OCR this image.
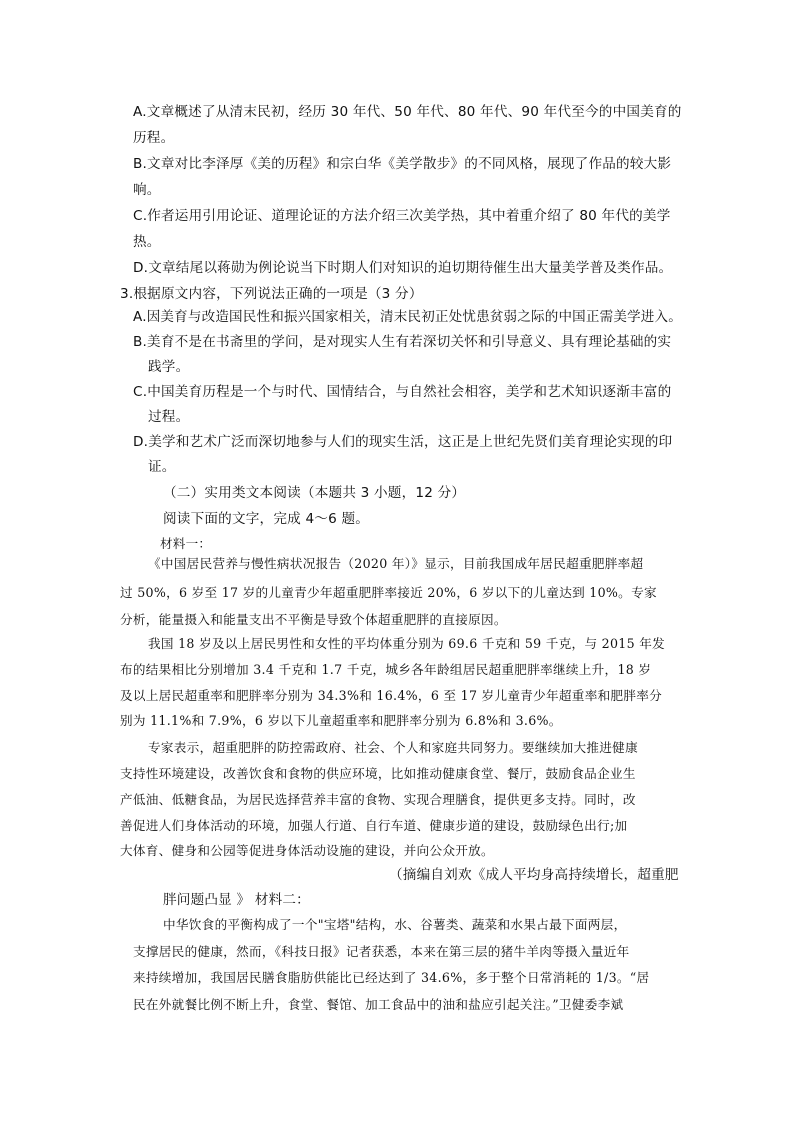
A.文章概述了从清末民初，经历 30 年代、50 年代、80 年代、90 年代至今的中国美育的
历程。
B.文章对比李泽厚《美的历程》和宗白华《美学散步》的不同风格，展现了作品的较大影
响。
C.作者运用引用论证、道理论证的方法介绍三次美学热，其中着重介绍了 80 年代的美学
热。
D.文章结尾以蒋勋为例论说当下时期人们对知识的迫切期待催生出大量美学普及类作品。
3.根据原文内容，下列说法正确的一项是（3 分）
A.因美育与改造国民性和振兴国家相关，清末民初正处忧患贫弱之际的中国正需美学进入。
B.美育不是在书斋里的学问，是对现实人生有若深切关怀和引导意义、具有理论基础的实
践学。
C.中国美育历程是一个与时代、国情结合，与自然社会相容，美学和艺术知识逐渐丰富的
过程。
D.美学和艺术广泛而深切地参与人们的现实生活，这正是上世纪先贤们美育理论实现的印
证。
（二）实用类文本阅读（本题共 3 小题，12 分）
阅读下面的文字，完成 4～6 题。
材料一：
《中国居民营养与慢性病状况报告（2020 年）》显示，目前我国成年居民超重肥胖率超
过 50%，6 岁至 17 岁的儿童青少年超重肥胖率接近 20%，6 岁以下的儿童达到 10%。专家
分析，能量摄入和能量支出不平衡是导致个体超重肥胖的直接原因。
我国 18 岁及以上居民男性和女性的平均体重分别为 69.6 千克和 59 千克，与 2015 年发
布的结果相比分别增加 3.4 千克和 1.7 千克，城乡各年龄组居民超重肥胖率继续上升，18 岁
及以上居民超重率和肥胖率分别为 34.3%和 16.4%，6 至 17 岁儿童青少年超重率和肥胖率分
别为 11.1%和 7.9%，6 岁以下儿童超重率和肥胖率分别为 6.8%和 3.6%。
专家表示，超重肥胖的防控需政府、社会、个人和家庭共同努力。要继续加大推进健康
支持性环境建设，改善饮食和食物的供应环境，比如推动健康食堂、餐厅，鼓励食品企业生
产低油、低糖食品，为居民选择营养丰富的食物、实现合理膳食，提供更多支持。同时，改
善促进人们身体活动的环境，加强人行道、自行车道、健康步道的建设，鼓励绿色出行;加
大体育、健身和公园等促进身体活动设施的建设，并向公众开放。
（摘编自刘欢《成人平均身高持续增长，超重肥
胖问题凸显 》 材料二：
中华饮食的平衡构成了一个"宝塔"结构，水、谷薯类、蔬菜和水果占最下面两层，
支撑居民的健康，然而，《科技日报》记者获悉，本来在第三层的猪牛羊肉等摄入量近年
来持续增加，我国居民膳食脂肪供能比已经达到了 34.6%，多于整个日常消耗的 1/3。“居
民在外就餐比例不断上升，食堂、餐馆、加工食品中的油和盐应引起关注。”卫健委李斌
